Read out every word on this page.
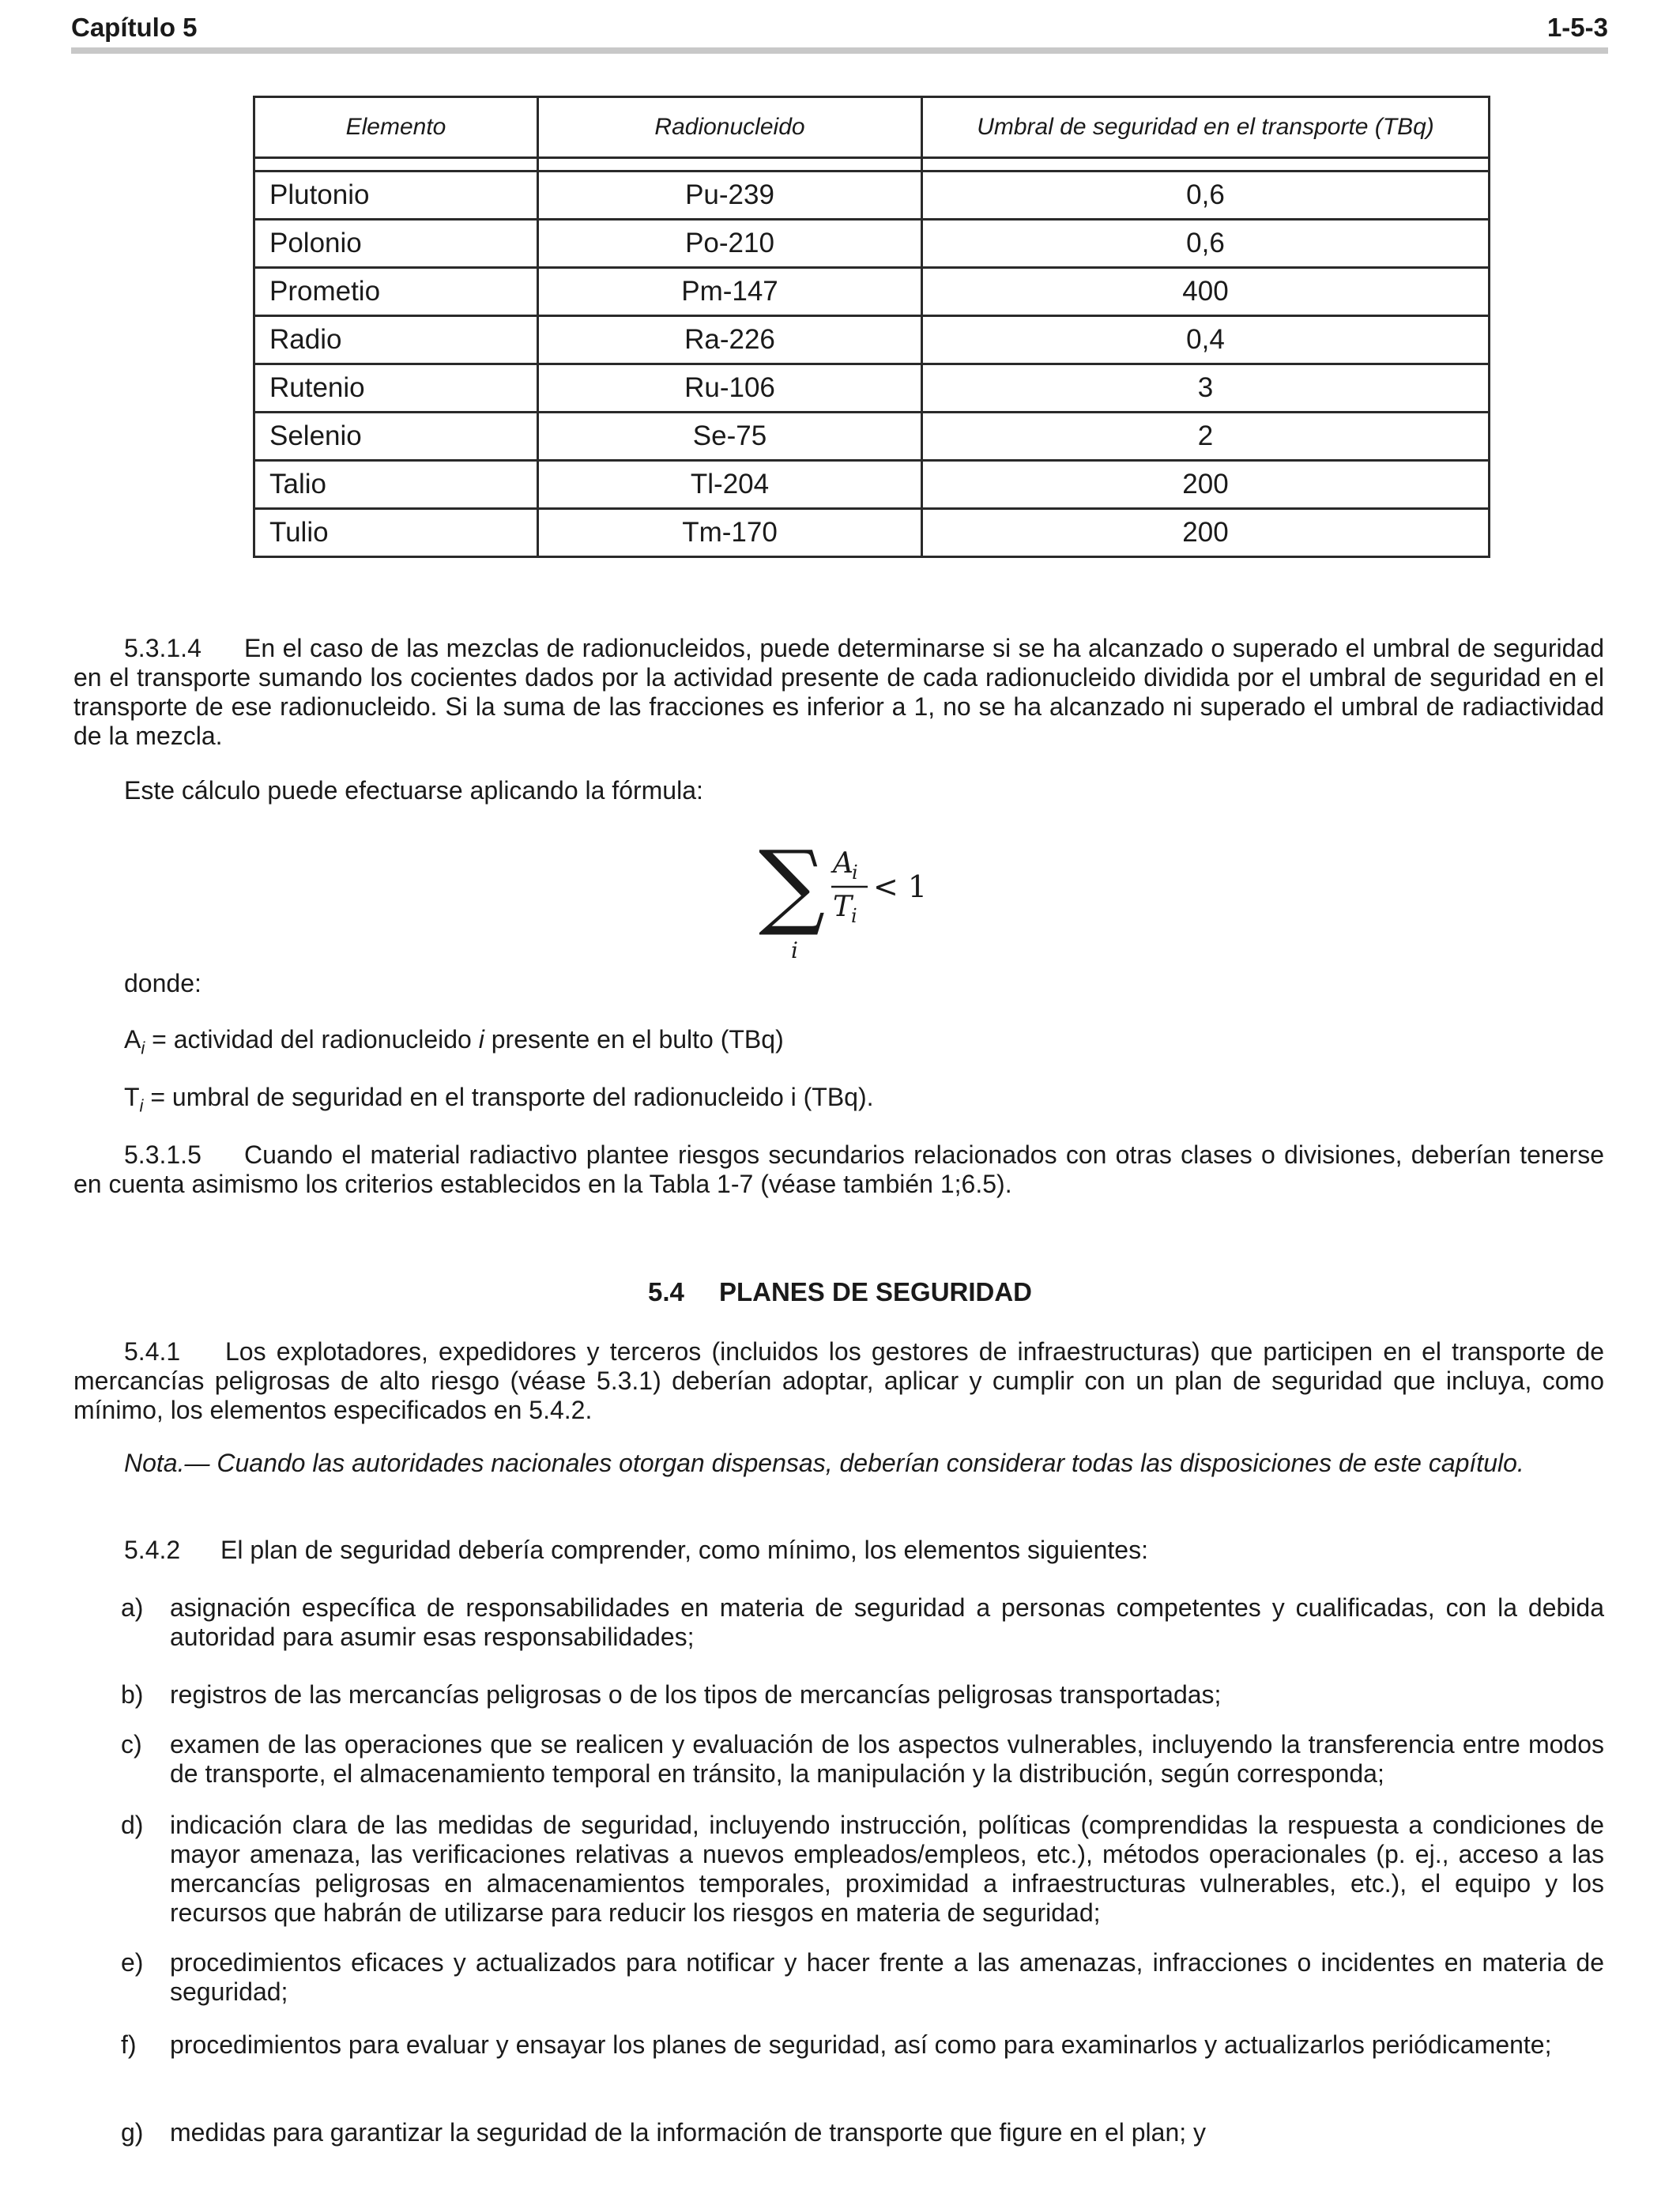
Capítulo 5	1-5-3
Elemento	Radionucleido	Umbral de seguridad en el transporte (TBq)

Plutonio	Pu-239	0,6
Polonio	Po-210	0,6
Prometio	Pm-147	400
Radio	Ra-226	0,4
Rutenio	Ru-106	3
Selenio	Se-75	2
Talio	Tl-204	200
Tulio	Tm-170	200

5.3.1.4 En el caso de las mezclas de radionucleidos, puede determinarse si se ha alcanzado o superado el umbral de seguridad en el transporte sumando los cocientes dados por la actividad presente de cada radionucleido dividida por el umbral de seguridad en el transporte de ese radionucleido. Si la suma de las fracciones es inferior a 1, no se ha alcanzado ni superado el umbral de radiactividad de la mezcla.

Este cálculo puede efectuarse aplicando la fórmula:

∑
i
A
i
T
i
< 1

donde:

$A_i$ = actividad del radionucleido i presente en el bulto (TBq)

$T_i$ = umbral de seguridad en el transporte del radionucleido i (TBq).

5.3.1.5 Cuando el material radiactivo plantee riesgos secundarios relacionados con otras clases o divisiones, deberían tenerse en cuenta asimismo los criterios establecidos en la Tabla 1-7 (véase también 1;6.5).

5.4 PLANES DE SEGURIDAD

5.4.1 Los explotadores, expedidores y terceros (incluidos los gestores de infraestructuras) que participen en el transporte de mercancías peligrosas de alto riesgo (véase 5.3.1) deberían adoptar, aplicar y cumplir con un plan de seguridad que incluya, como mínimo, los elementos especificados en 5.4.2.

Nota.— Cuando las autoridades nacionales otorgan dispensas, deberían considerar todas las disposiciones de este capítulo.

5.4.2 El plan de seguridad debería comprender, como mínimo, los elementos siguientes:

a) asignación específica de responsabilidades en materia de seguridad a personas competentes y cualificadas, con la debida autoridad para asumir esas responsabilidades;
b) registros de las mercancías peligrosas o de los tipos de mercancías peligrosas transportadas;
c) examen de las operaciones que se realicen y evaluación de los aspectos vulnerables, incluyendo la transferencia entre modos de transporte, el almacenamiento temporal en tránsito, la manipulación y la distribución, según corresponda;
d) indicación clara de las medidas de seguridad, incluyendo instrucción, políticas (comprendidas la respuesta a condiciones de mayor amenaza, las verificaciones relativas a nuevos empleados/empleos, etc.), métodos operacionales (p. ej., acceso a las mercancías peligrosas en almacenamientos temporales, proximidad a infraestructuras vulnerables, etc.), el equipo y los recursos que habrán de utilizarse para reducir los riesgos en materia de seguridad;
e) procedimientos eficaces y actualizados para notificar y hacer frente a las amenazas, infracciones o incidentes en materia de seguridad;
f) procedimientos para evaluar y ensayar los planes de seguridad, así como para examinarlos y actualizarlos periódicamente;
g) medidas para garantizar la seguridad de la información de transporte que figure en el plan; y
